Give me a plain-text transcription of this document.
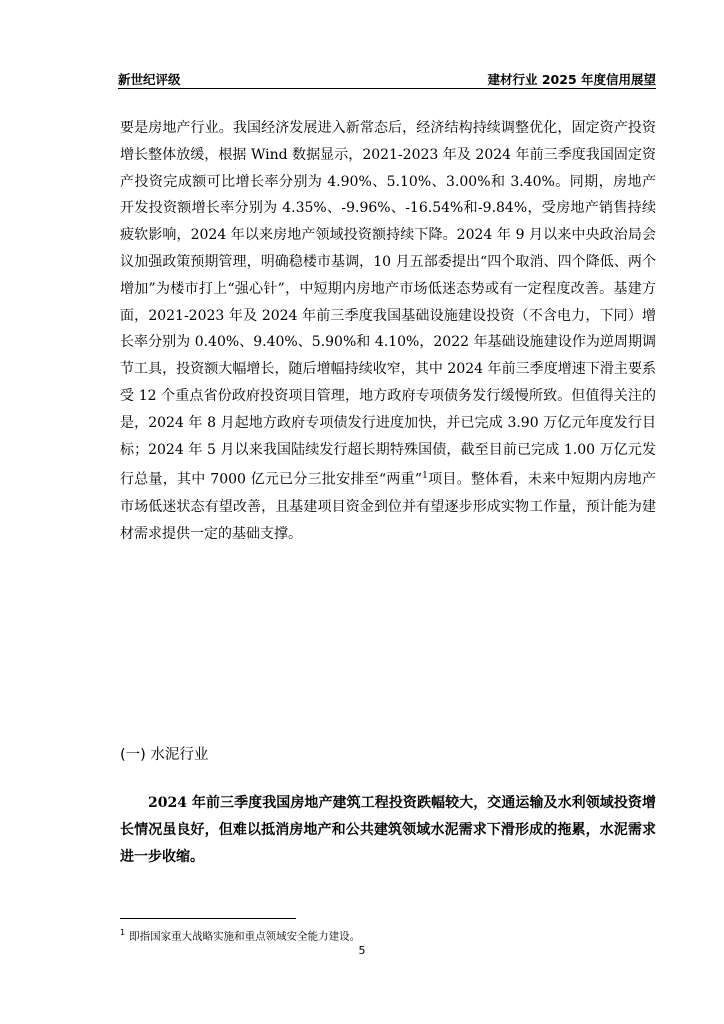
新世纪评级	建材行业 2025 年度信用展望

要是房地产行业。我国经济发展进入新常态后，经济结构持续调整优化，固定资产投资增长整体放缓，根据 Wind 数据显示，2021-2023 年及 2024 年前三季度我国固定资产投资完成额可比增长率分别为 4.90%、5.10%、3.00%和 3.40%。同期，房地产开发投资额增长率分别为 4.35%、-9.96%、-16.54%和-9.84%，受房地产销售持续疲软影响，2024 年以来房地产领域投资额持续下降。2024 年 9 月以来中央政治局会议加强政策预期管理，明确稳楼市基调，10 月五部委提出“四个取消、四个降低、两个增加”为楼市打上“强心针”，中短期内房地产市场低迷态势或有一定程度改善。基建方面，2021-2023 年及 2024 年前三季度我国基础设施建设投资（不含电力，下同）增长率分别为 0.40%、9.40%、5.90%和 4.10%，2022 年基础设施建设作为逆周期调节工具，投资额大幅增长，随后增幅持续收窄，其中 2024 年前三季度增速下滑主要系受 12 个重点省份政府投资项目管理，地方政府专项债务发行缓慢所致。但值得关注的是，2024 年 8 月起地方政府专项债发行进度加快，并已完成 3.90 万亿元年度发行目标；2024 年 5 月以来我国陆续发行超长期特殊国债，截至目前已完成 1.00 万亿元发行总量，其中 7000 亿元已分三批安排至“两重”$^1$项目。整体看，未来中短期内房地产市场低迷状态有望改善，且基建项目资金到位并有望逐步形成实物工作量，预计能为建材需求提供一定的基础支撑。

(一) 水泥行业

2024 年前三季度我国房地产建筑工程投资跌幅较大，交通运输及水利领域投资增长情况虽良好，但难以抵消房地产和公共建筑领域水泥需求下滑形成的拖累，水泥需求进一步收缩。

$^1$ 即指国家重大战略实施和重点领域安全能力建设。
5
